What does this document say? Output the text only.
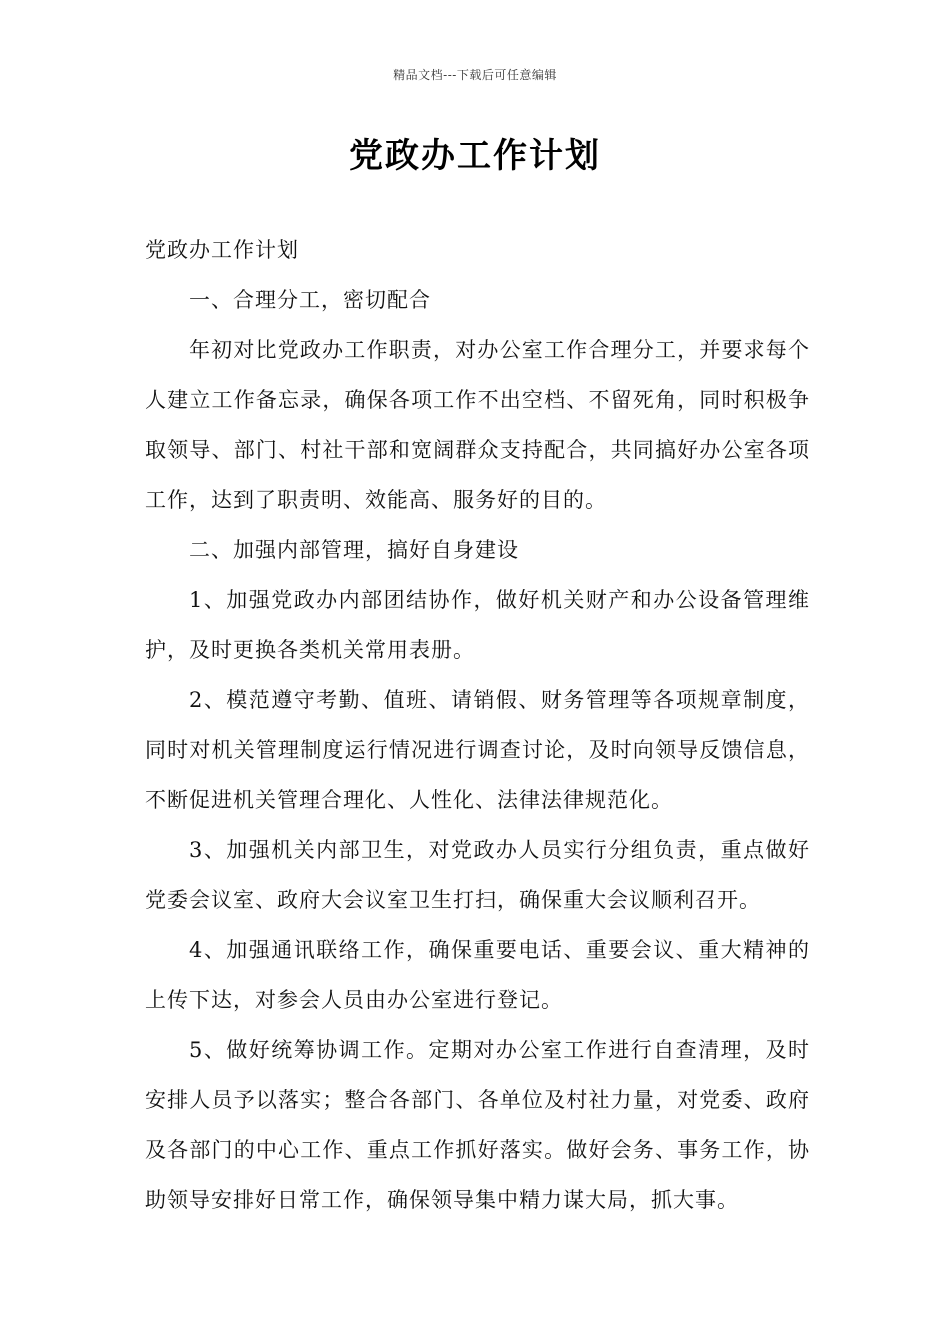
精品文档---下载后可任意编辑
党政办工作计划

党政办工作计划

一、合理分工，密切配合

年初对比党政办工作职责，对办公室工作合理分工，并要求每个人建立工作备忘录，确保各项工作不出空档、不留死角，同时积极争取领导、部门、村社干部和宽阔群众支持配合，共同搞好办公室各项工作，达到了职责明、效能高、服务好的目的。

二、加强内部管理，搞好自身建设

1、加强党政办内部团结协作，做好机关财产和办公设备管理维护，及时更换各类机关常用表册。

2、模范遵守考勤、值班、请销假、财务管理等各项规章制度，同时对机关管理制度运行情况进行调查讨论，及时向领导反馈信息，不断促进机关管理合理化、人性化、法律法律规范化。

3、加强机关内部卫生，对党政办人员实行分组负责，重点做好党委会议室、政府大会议室卫生打扫，确保重大会议顺利召开。

4、加强通讯联络工作，确保重要电话、重要会议、重大精神的上传下达，对参会人员由办公室进行登记。

5、做好统筹协调工作。定期对办公室工作进行自查清理，及时安排人员予以落实；整合各部门、各单位及村社力量，对党委、政府及各部门的中心工作、重点工作抓好落实。做好会务、事务工作，协助领导安排好日常工作，确保领导集中精力谋大局，抓大事。
